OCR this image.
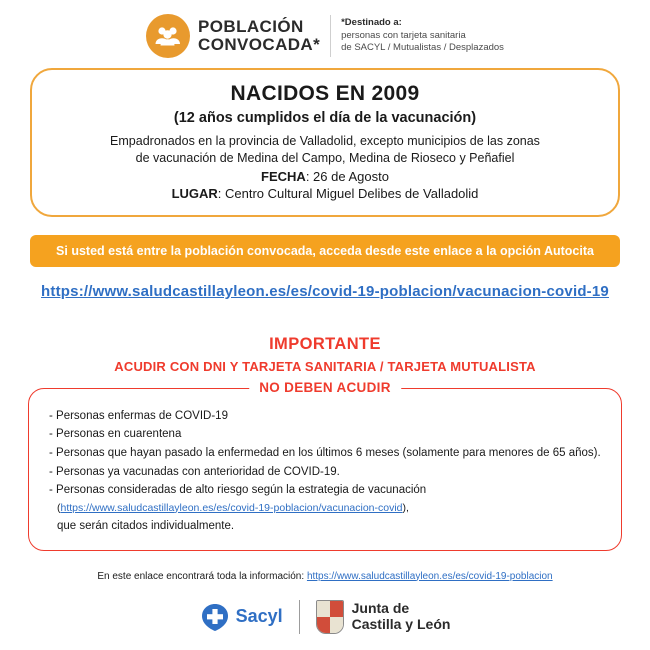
POBLACIÓN
CONVOCADA*
*Destinado a:
personas con tarjeta sanitaria
de SACYL / Mutualistas / Desplazados
NACIDOS EN 2009
(12 años cumplidos el día de la vacunación)
Empadronados en la provincia de Valladolid, excepto municipios de las zonas
de vacunación de Medina del Campo, Medina de Rioseco y Peñafiel
FECHA: 26 de Agosto
LUGAR: Centro Cultural Miguel Delibes de Valladolid
Si usted está entre la población convocada, acceda desde este enlace a la opción Autocita
https://www.saludcastillayleon.es/es/covid-19-poblacion/vacunacion-covid-19
IMPORTANTE
ACUDIR CON DNI Y TARJETA SANITARIA / TARJETA MUTUALISTA
NO DEBEN ACUDIR
- Personas enfermas de COVID-19
- Personas en cuarentena
- Personas que hayan pasado la enfermedad en los últimos 6 meses (solamente para menores de 65 años).
- Personas ya vacunadas con anterioridad de COVID-19.
- Personas consideradas de alto riesgo según la estrategia de vacunación
(https://www.saludcastillayleon.es/es/covid-19-poblacion/vacunacion-covid),
que serán citados individualmente.
En este enlace encontrará toda la información: https://www.saludcastillayleon.es/es/covid-19-poblacion
Sacyl	Junta de
Castilla y León
